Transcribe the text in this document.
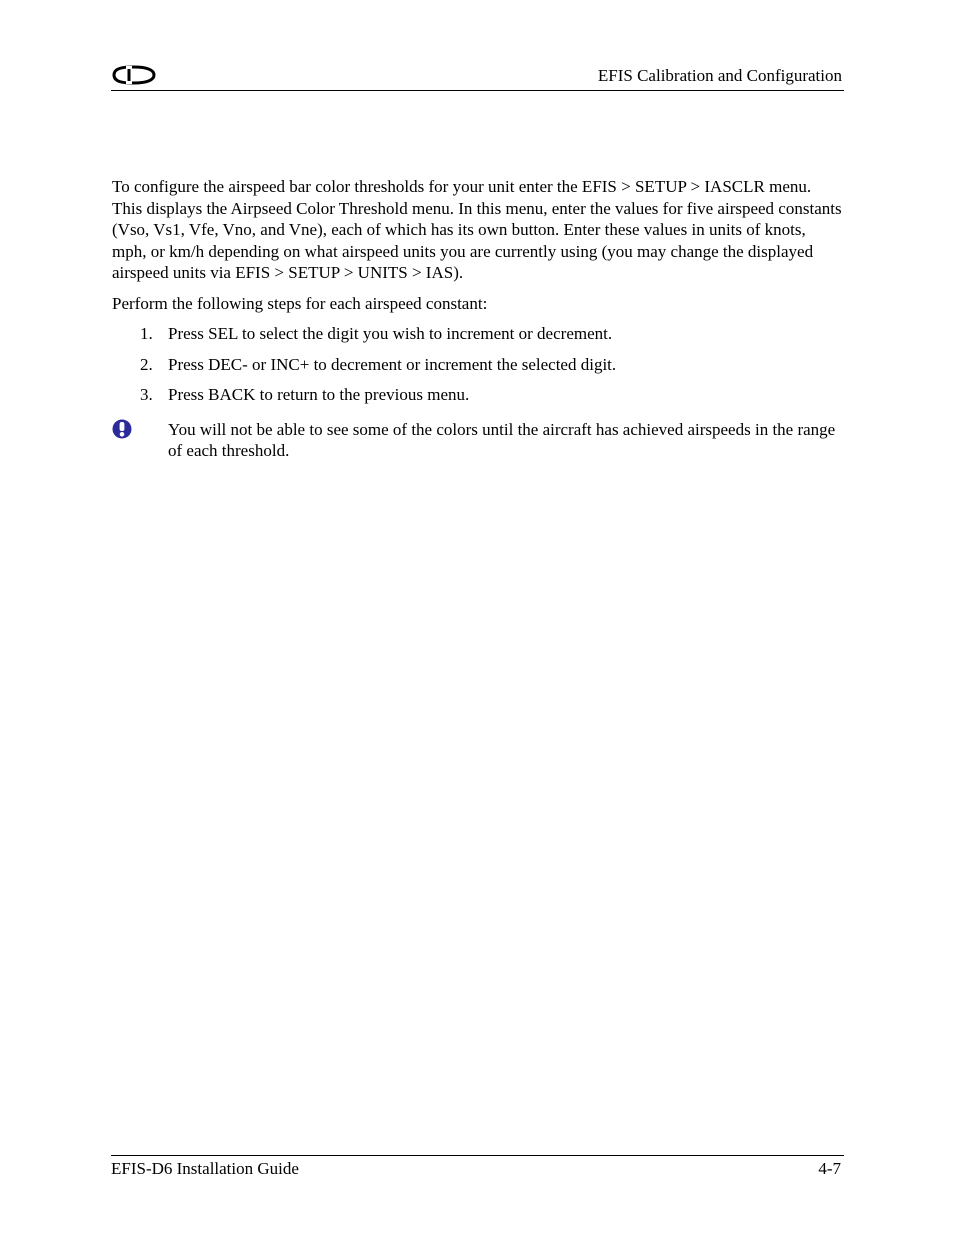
EFIS Calibration and Configuration

To configure the airspeed bar color thresholds for your unit enter the EFIS > SETUP > IASCLR menu. This displays the Airpseed Color Threshold menu. In this menu, enter the values for five airspeed constants (Vso, Vs1, Vfe, Vno, and Vne), each of which has its own button. Enter these values in units of knots, mph, or km/h depending on what airspeed units you are currently using (you may change the displayed airspeed units via EFIS > SETUP > UNITS > IAS).

Perform the following steps for each airspeed constant:

1. Press SEL to select the digit you wish to increment or decrement.
2. Press DEC- or INC+ to decrement or increment the selected digit.
3. Press BACK to return to the previous menu.
You will not be able to see some of the colors until the aircraft has achieved airspeeds in the range of each threshold.
EFIS-D6 Installation Guide	4-7
